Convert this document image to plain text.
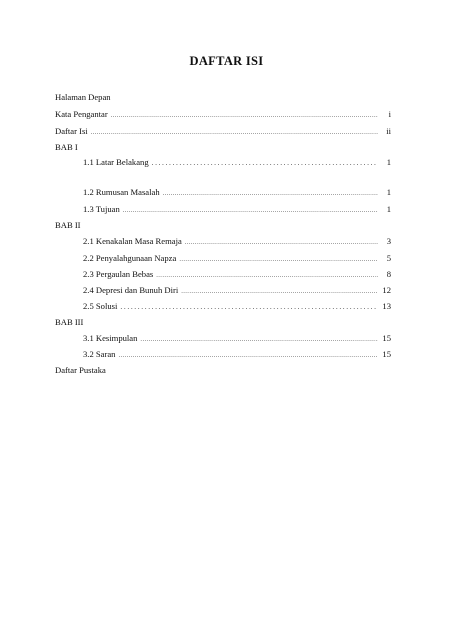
DAFTAR ISI
Halaman Depan
Kata Pengantar .....	i
Daftar Isi .....	ii
BAB I
1.1 Latar Belakang .....	1
1.2 Rumusan Masalah .....	1
1.3 Tujuan .....	1
BAB II
2.1 Kenakalan Masa Remaja .....	3
2.2 Penyalahgunaan Napza .....	5
2.3 Pergaulan Bebas .....	8
2.4 Depresi dan Bunuh Diri .....	12
2.5 Solusi .....	13
BAB III
3.1 Kesimpulan .....	15
3.2 Saran .....	15
Daftar Pustaka
